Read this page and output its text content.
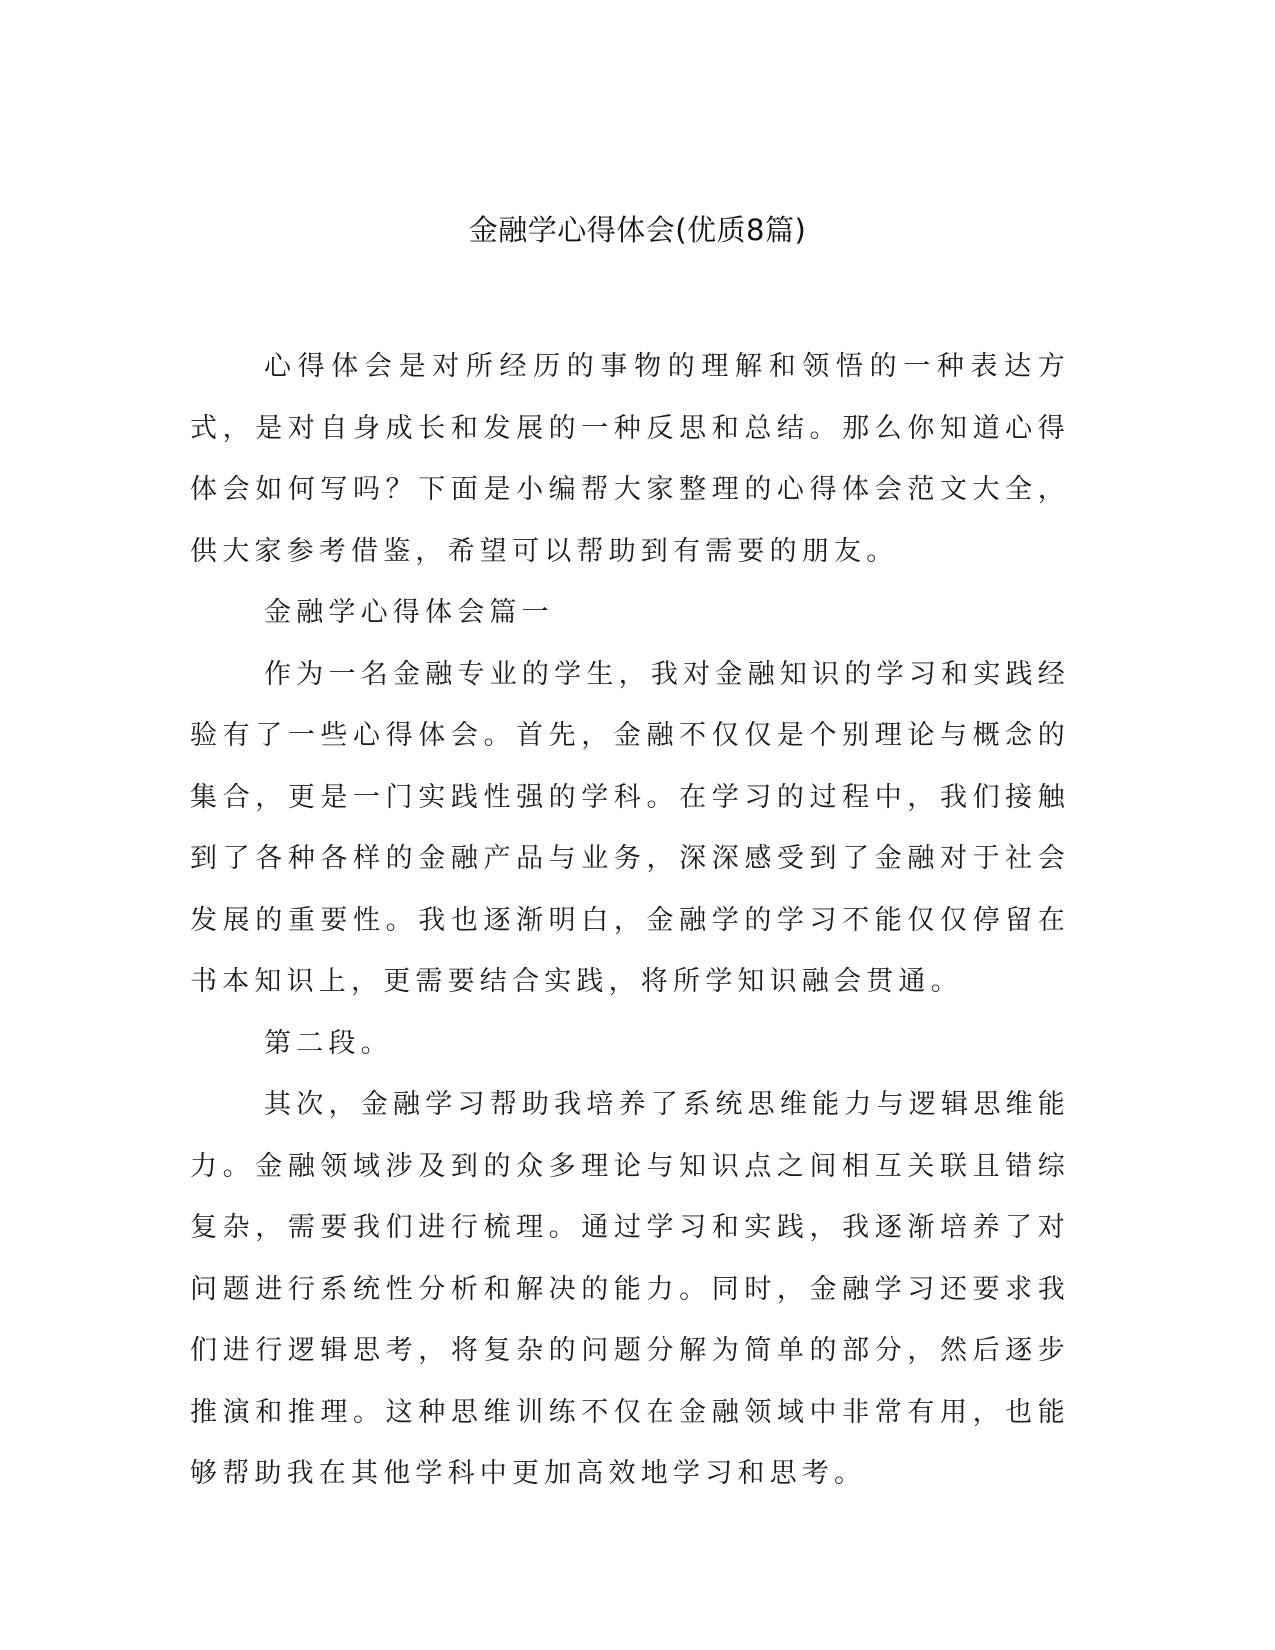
金融学心得体会(优质8篇)

心得体会是对所经历的事物的理解和领悟的一种表达方式，是对自身成长和发展的一种反思和总结。那么你知道心得体会如何写吗？下面是小编帮大家整理的心得体会范文大全，供大家参考借鉴，希望可以帮助到有需要的朋友。

金融学心得体会篇一

作为一名金融专业的学生，我对金融知识的学习和实践经验有了一些心得体会。首先，金融不仅仅是个别理论与概念的集合，更是一门实践性强的学科。在学习的过程中，我们接触到了各种各样的金融产品与业务，深深感受到了金融对于社会发展的重要性。我也逐渐明白，金融学的学习不能仅仅停留在书本知识上，更需要结合实践，将所学知识融会贯通。

第二段。

其次，金融学习帮助我培养了系统思维能力与逻辑思维能力。金融领域涉及到的众多理论与知识点之间相互关联且错综复杂，需要我们进行梳理。通过学习和实践，我逐渐培养了对问题进行系统性分析和解决的能力。同时，金融学习还要求我们进行逻辑思考，将复杂的问题分解为简单的部分，然后逐步推演和推理。这种思维训练不仅在金融领域中非常有用，也能够帮助我在其他学科中更加高效地学习和思考。
